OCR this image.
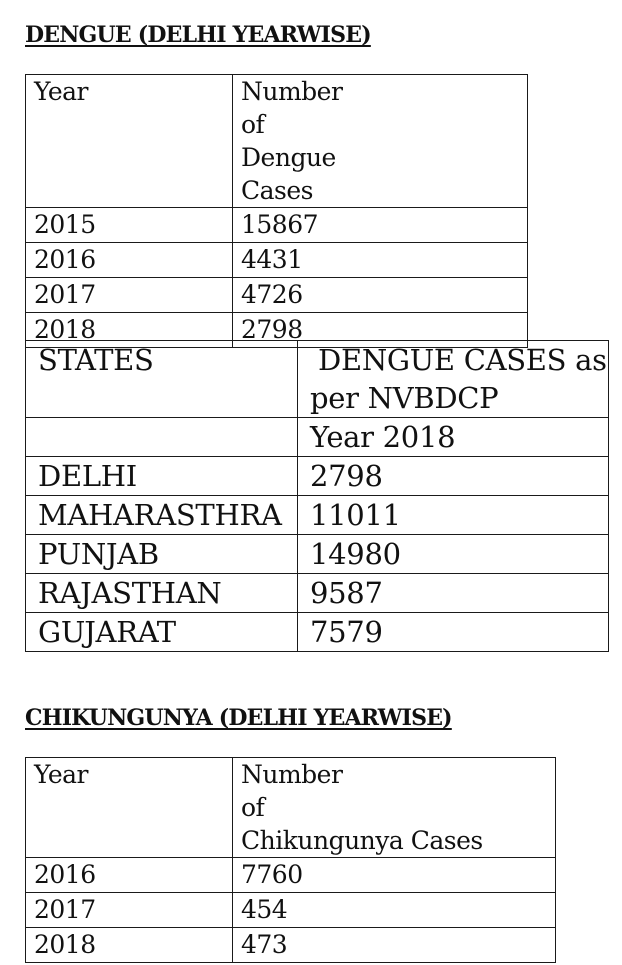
DENGUE (DELHI YEARWISE)
Year	Number
of
Dengue
Cases

2015	15867
2016	4431
2017	4726
2018	2798
STATES	DENGUE CASES as
per NVBDCP

	Year 2018
DELHI	2798
MAHARASTHRA	11011
PUNJAB	14980
RAJASTHAN	9587
GUJARAT	7579
CHIKUNGUNYA (DELHI YEARWISE)
Year	Number
of
Chikungunya Cases

2016	7760
2017	454
2018	473
